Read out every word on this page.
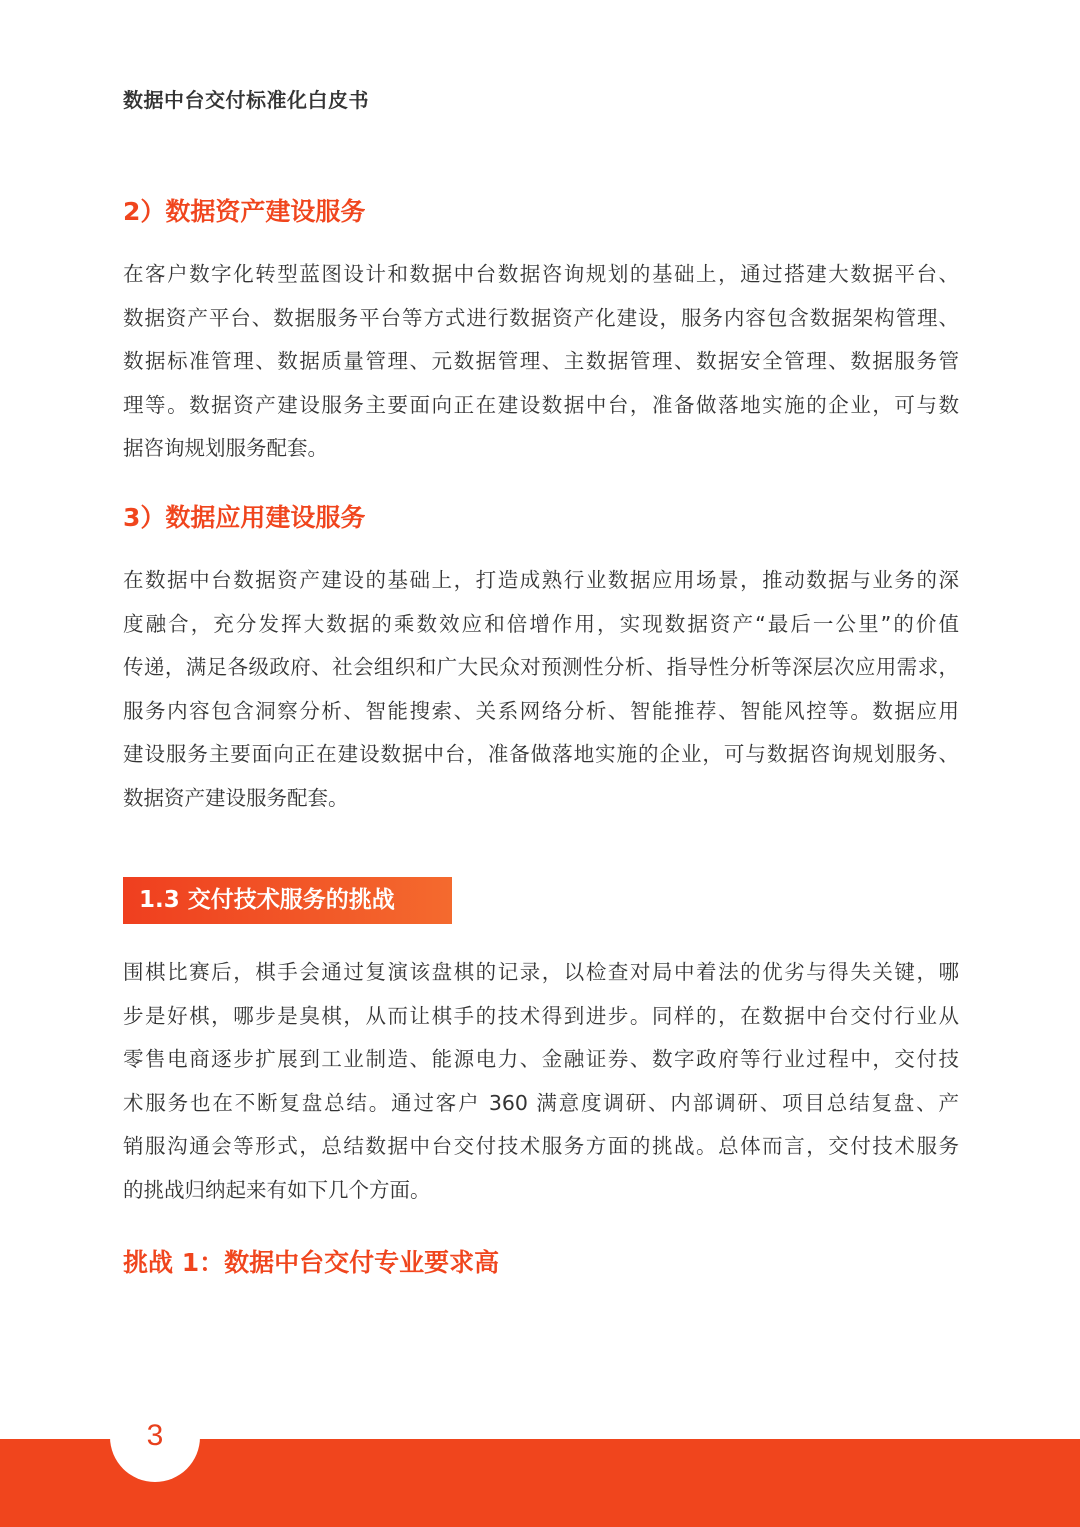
数据中台交付标准化白皮书
2）数据资产建设服务
在客户数字化转型蓝图设计和数据中台数据咨询规划的基础上，通过搭建大数据平台、
数据资产平台、数据服务平台等方式进行数据资产化建设，服务内容包含数据架构管理、
数据标准管理、数据质量管理、元数据管理、主数据管理、数据安全管理、数据服务管
理等。数据资产建设服务主要面向正在建设数据中台，准备做落地实施的企业，可与数
据咨询规划服务配套。
3）数据应用建设服务
在数据中台数据资产建设的基础上，打造成熟行业数据应用场景，推动数据与业务的深
度融合，充分发挥大数据的乘数效应和倍增作用，实现数据资产“最后一公里”的价值
传递，满足各级政府、社会组织和广大民众对预测性分析、指导性分析等深层次应用需求，
服务内容包含洞察分析、智能搜索、关系网络分析、智能推荐、智能风控等。数据应用
建设服务主要面向正在建设数据中台，准备做落地实施的企业，可与数据咨询规划服务、
数据资产建设服务配套。
1.3 交付技术服务的挑战
围棋比赛后，棋手会通过复演该盘棋的记录，以检查对局中着法的优劣与得失关键，哪
步是好棋，哪步是臭棋，从而让棋手的技术得到进步。同样的，在数据中台交付行业从
零售电商逐步扩展到工业制造、能源电力、金融证券、数字政府等行业过程中，交付技
术服务也在不断复盘总结。通过客户 360 满意度调研、内部调研、项目总结复盘、产
销服沟通会等形式，总结数据中台交付技术服务方面的挑战。总体而言，交付技术服务
的挑战归纳起来有如下几个方面。
挑战 1：数据中台交付专业要求高
3
